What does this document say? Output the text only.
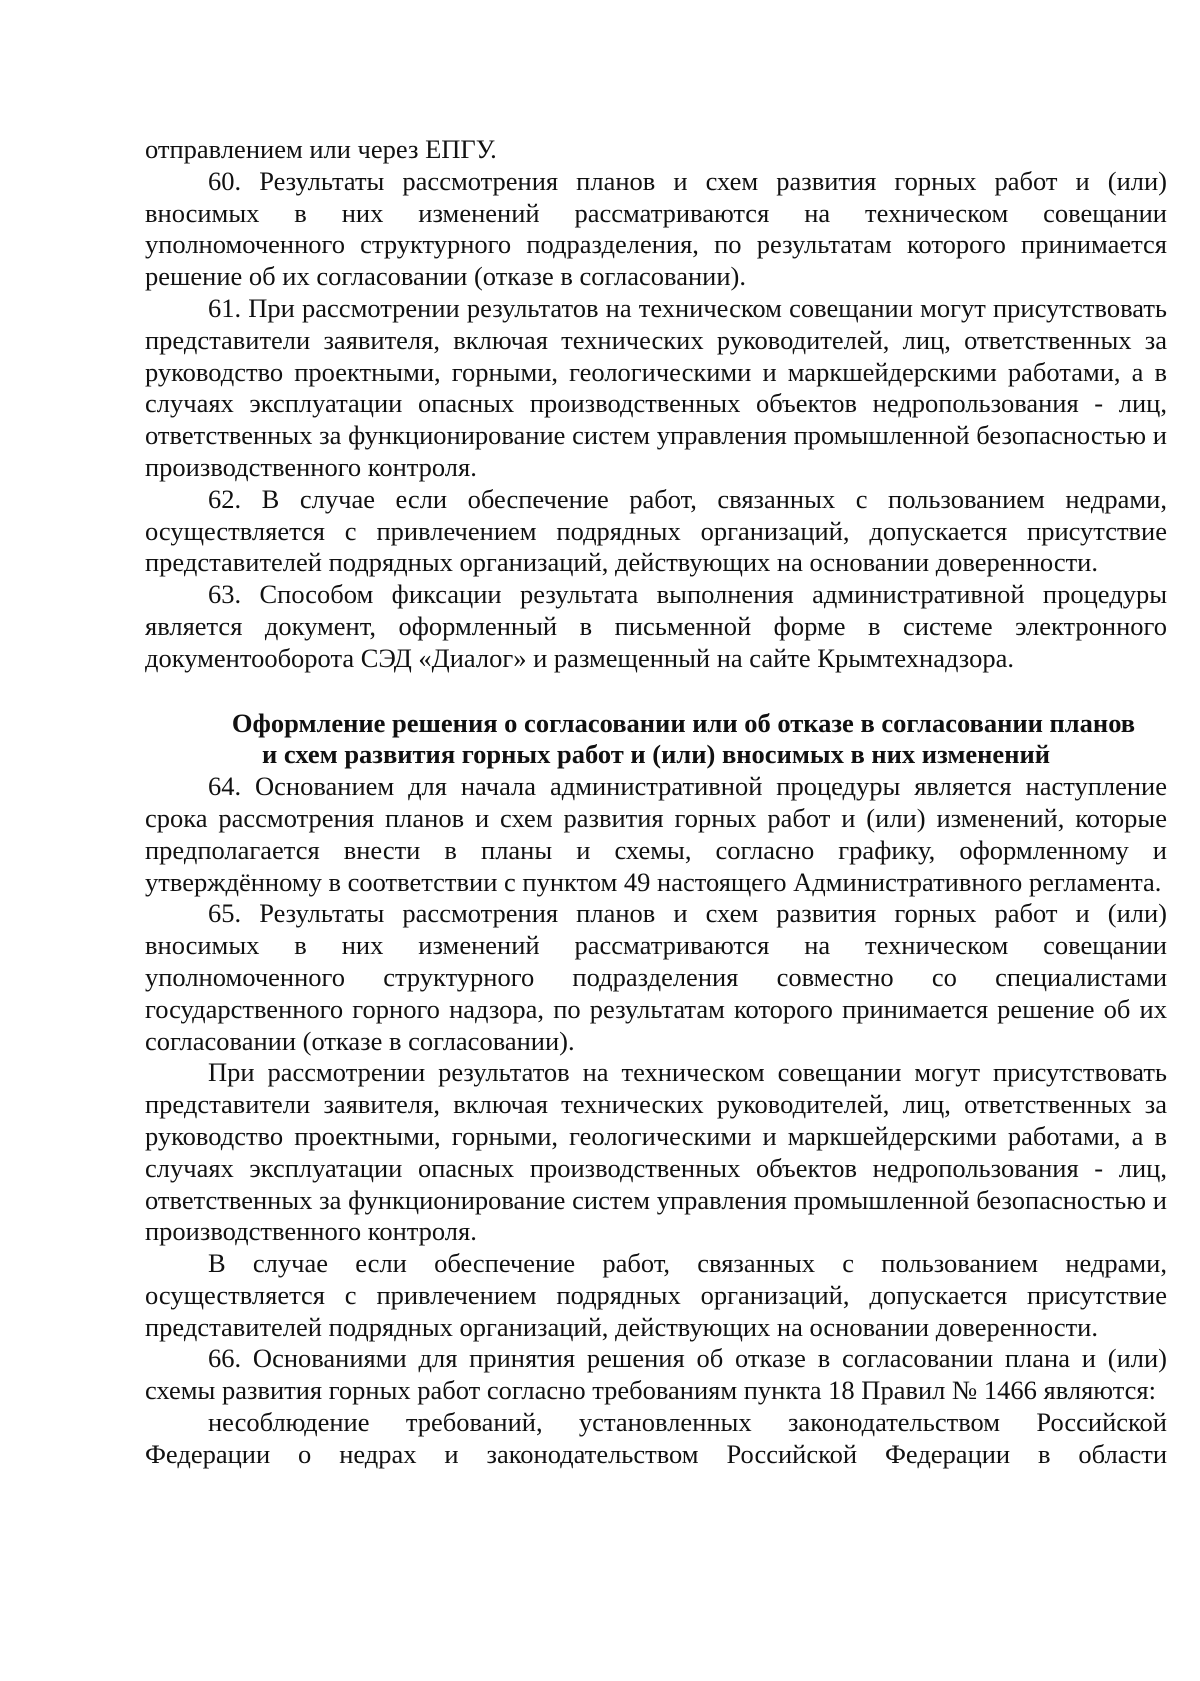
отправлением или через ЕПГУ.

60. Результаты рассмотрения планов и схем развития горных работ и (или) вносимых в них изменений рассматриваются на техническом совещании уполномоченного структурного подразделения, по результатам которого принимается решение об их согласовании (отказе в согласовании).

61. При рассмотрении результатов на техническом совещании могут присутствовать представители заявителя, включая технических руководителей, лиц, ответственных за руководство проектными, горными, геологическими и маркшейдерскими работами, а в случаях эксплуатации опасных производственных объектов недропользования - лиц, ответственных за функционирование систем управления промышленной безопасностью и производственного контроля.

62. В случае если обеспечение работ, связанных с пользованием недрами, осуществляется с привлечением подрядных организаций, допускается присутствие представителей подрядных организаций, действующих на основании доверенности.

63. Способом фиксации результата выполнения административной процедуры является документ, оформленный в письменной форме в системе электронного документооборота СЭД «Диалог» и размещенный на сайте Крымтехнадзора.

Оформление решения о согласовании или об отказе в согласовании планов
и схем развития горных работ и (или) вносимых в них изменений

64. Основанием для начала административной процедуры является наступление срока рассмотрения планов и схем развития горных работ и (или) изменений, которые предполагается внести в планы и схемы, согласно графику, оформленному и утверждённому в соответствии с пунктом 49 настоящего Административного регламента.

65. Результаты рассмотрения планов и схем развития горных работ и (или) вносимых в них изменений рассматриваются на техническом совещании уполномоченного структурного подразделения совместно со специалистами государственного горного надзора, по результатам которого принимается решение об их согласовании (отказе в согласовании).

При рассмотрении результатов на техническом совещании могут присутствовать представители заявителя, включая технических руководителей, лиц, ответственных за руководство проектными, горными, геологическими и маркшейдерскими работами, а в случаях эксплуатации опасных производственных объектов недропользования - лиц, ответственных за функционирование систем управления промышленной безопасностью и производственного контроля.

В случае если обеспечение работ, связанных с пользованием недрами, осуществляется с привлечением подрядных организаций, допускается присутствие представителей подрядных организаций, действующих на основании доверенности.

66. Основаниями для принятия решения об отказе в согласовании плана и (или) схемы развития горных работ согласно требованиям пункта 18 Правил № 1466 являются:

несоблюдение требований, установленных законодательством Российской Федерации о недрах и законодательством Российской Федерации в области
